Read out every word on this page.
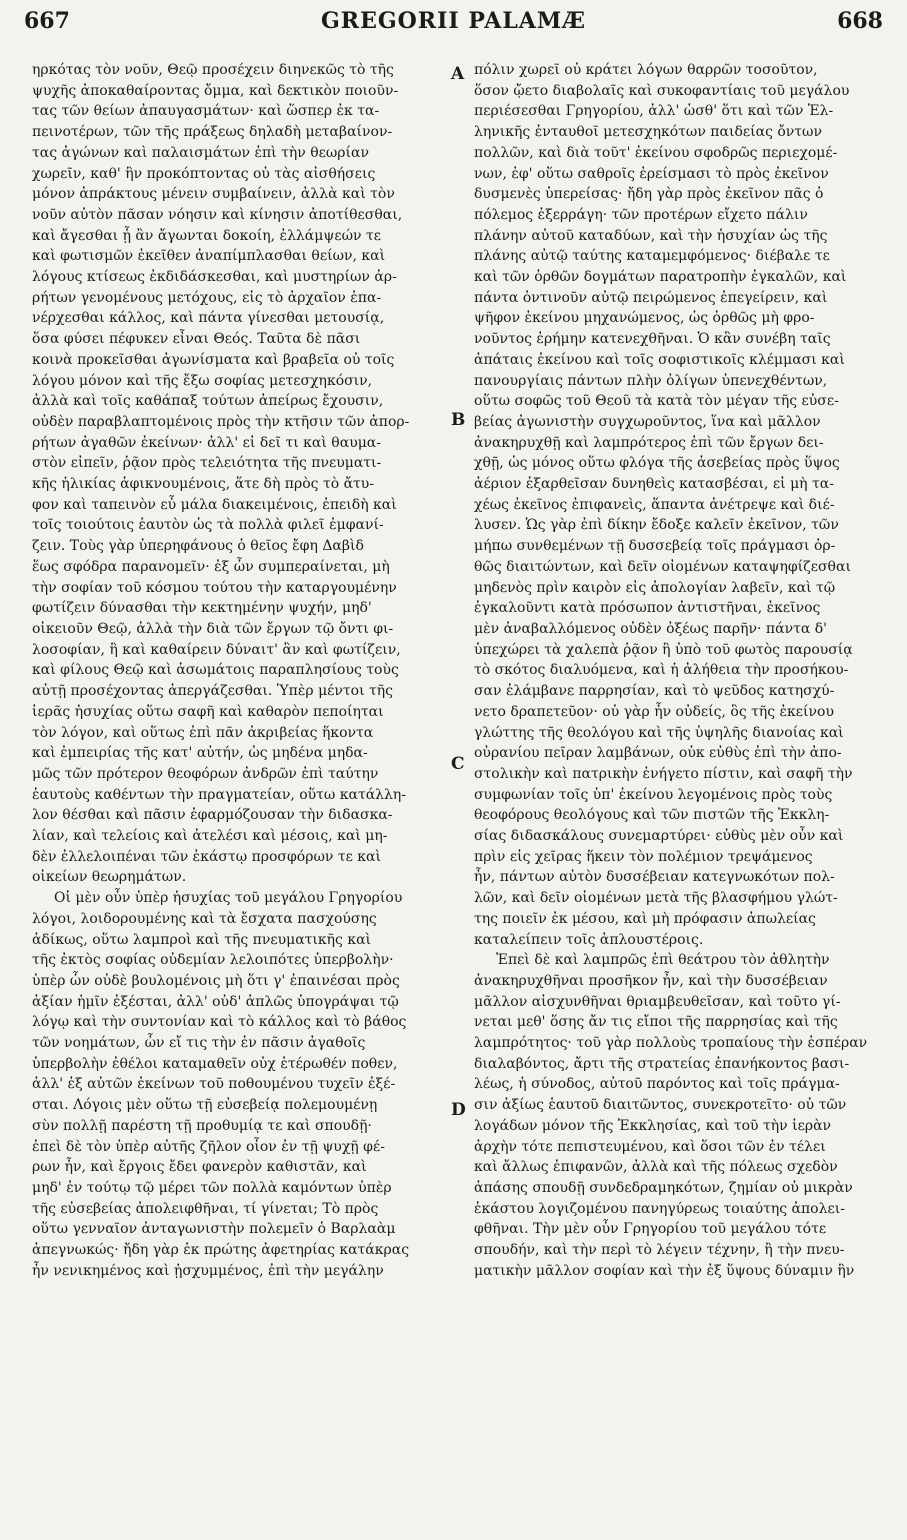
667	GREGORII PALAMÆ	668
A
B
C
D
ηρκότας τὸν νοῦν, Θεῷ προσέχειν διηνεκῶς τὸ τῆς
ψυχῆς ἀποκαθαίροντας ὄμμα, καὶ δεκτικὸν ποιοῦν-
τας τῶν θείων ἀπαυγασμάτων· καὶ ὥσπερ ἐκ τα-
πεινοτέρων, τῶν τῆς πράξεως δηλαδὴ μεταβαίνον-
τας ἀγώνων καὶ παλαισμάτων ἐπὶ τὴν θεωρίαν
χωρεῖν, καθ' ἣν προκόπτοντας οὐ τὰς αἰσθήσεις
μόνον ἀπράκτους μένειν συμβαίνειν, ἀλλὰ καὶ τὸν
νοῦν αὐτὸν πᾶσαν νόησιν καὶ κίνησιν ἀποτίθεσθαι,
καὶ ἄγεσθαι ᾗ ἂν ἄγωνται δοκοίη, ἐλλάμψεών τε
καὶ φωτισμῶν ἐκεῖθεν ἀναπίμπλασθαι θείων, καὶ
λόγους κτίσεως ἐκδιδάσκεσθαι, καὶ μυστηρίων ἀρ-
ρήτων γενομένους μετόχους, εἰς τὸ ἀρχαῖον ἐπα-
νέρχεσθαι κάλλος, καὶ πάντα γίνεσθαι μετουσίᾳ,
ὅσα φύσει πέφυκεν εἶναι Θεός. Ταῦτα δὲ πᾶσι
κοινὰ προκεῖσθαι ἀγωνίσματα καὶ βραβεῖα οὐ τοῖς
λόγου μόνον καὶ τῆς ἔξω σοφίας μετεσχηκόσιν,
ἀλλὰ καὶ τοῖς καθάπαξ τούτων ἀπείρως ἔχουσιν,
οὐδὲν παραβλαπτομένοις πρὸς τὴν κτῆσιν τῶν ἀπορ-
ρήτων ἀγαθῶν ἐκείνων· ἀλλ' εἰ δεῖ τι καὶ θαυμα-
στὸν εἰπεῖν, ῥᾷον πρὸς τελειότητα τῆς πνευματι-
κῆς ἡλικίας ἀφικνουμένοις, ἅτε δὴ πρὸς τὸ ἄτυ-
φον καὶ ταπεινὸν εὖ μάλα διακειμένοις, ἐπειδὴ καὶ
τοῖς τοιούτοις ἑαυτὸν ὡς τὰ πολλὰ φιλεῖ ἐμφανί-
ζειν. Τοὺς γὰρ ὑπερηφάνους ὁ θεῖος ἔφη Δαβὶδ
ἕως σφόδρα παρανομεῖν· ἐξ ὧν συμπεραίνεται, μὴ
τὴν σοφίαν τοῦ κόσμου τούτου τὴν καταργουμένην
φωτίζειν δύνασθαι τὴν κεκτημένην ψυχήν, μηδ'
οἰκειοῦν Θεῷ, ἀλλὰ τὴν διὰ τῶν ἔργων τῷ ὄντι φι-
λοσοφίαν, ἣ καὶ καθαίρειν δύναιτ' ἂν καὶ φωτίζειν,
καὶ φίλους Θεῷ καὶ ἀσωμάτοις παραπλησίους τοὺς
αὐτῇ προσέχοντας ἀπεργάζεσθαι. Ὑπὲρ μέντοι τῆς
ἱερᾶς ἡσυχίας οὕτω σαφῆ καὶ καθαρὸν πεποίηται
τὸν λόγον, καὶ οὕτως ἐπὶ πᾶν ἀκριβείας ἥκοντα
καὶ ἐμπειρίας τῆς κατ' αὐτήν, ὡς μηδένα μηδα-
μῶς τῶν πρότερον θεοφόρων ἀνδρῶν ἐπὶ ταύτην
ἑαυτοὺς καθέντων τὴν πραγματείαν, οὕτω κατάλλη-
λον θέσθαι καὶ πᾶσιν ἐφαρμόζουσαν τὴν διδασκα-
λίαν, καὶ τελείοις καὶ ἀτελέσι καὶ μέσοις, καὶ μη-
δὲν ἐλλελοιπέναι τῶν ἑκάστῳ προσφόρων τε καὶ
οἰκείων θεωρημάτων.
Οἱ μὲν οὖν ὑπὲρ ἡσυχίας τοῦ μεγάλου Γρηγορίου
λόγοι, λοιδορουμένης καὶ τὰ ἔσχατα πασχούσης
ἀδίκως, οὕτω λαμπροὶ καὶ τῆς πνευματικῆς καὶ
τῆς ἐκτὸς σοφίας οὐδεμίαν λελοιπότες ὑπερβολὴν·
ὑπὲρ ὧν οὐδὲ βουλομένοις μὴ ὅτι γ' ἐπαινέσαι πρὸς
ἀξίαν ἡμῖν ἐξέσται, ἀλλ' οὐδ' ἁπλῶς ὑπογράψαι τῷ
λόγῳ καὶ τὴν συντονίαν καὶ τὸ κάλλος καὶ τὸ βάθος
τῶν νοημάτων, ὧν εἴ τις τὴν ἐν πᾶσιν ἀγαθοῖς
ὑπερβολὴν ἐθέλοι καταμαθεῖν οὐχ ἑτέρωθέν ποθεν,
ἀλλ' ἐξ αὐτῶν ἐκείνων τοῦ ποθουμένου τυχεῖν ἐξέ-
σται. Λόγοις μὲν οὕτω τῇ εὐσεβείᾳ πολεμουμένῃ
σὺν πολλῇ παρέστη τῇ προθυμίᾳ τε καὶ σπουδῇ·
ἐπεὶ δὲ τὸν ὑπὲρ αὐτῆς ζῆλον οἷον ἐν τῇ ψυχῇ φέ-
ρων ἦν, καὶ ἔργοις ἔδει φανερὸν καθιστᾶν, καὶ
μηδ' ἐν τούτῳ τῷ μέρει τῶν πολλὰ καμόντων ὑπὲρ
τῆς εὐσεβείας ἀπολειφθῆναι, τί γίνεται; Τὸ πρὸς
οὕτω γενναῖον ἀνταγωνιστὴν πολεμεῖν ὁ Βαρλαὰμ
ἀπεγνωκώς· ἤδη γὰρ ἐκ πρώτης ἀφετηρίας κατάκρας
ἦν νενικημένος καὶ ᾐσχυμμένος, ἐπὶ τὴν μεγάλην
πόλιν χωρεῖ οὐ κράτει λόγων θαρρῶν τοσοῦτον,
ὅσον ᾤετο διαβολαῖς καὶ συκοφαντίαις τοῦ μεγάλου
περιέσεσθαι Γρηγορίου, ἀλλ' ὡσθ' ὅτι καὶ τῶν Ἑλ-
ληνικῆς ἐνταυθοῖ μετεσχηκότων παιδείας ὄντων
πολλῶν, καὶ διὰ τοῦτ' ἐκείνου σφοδρῶς περιεχομέ-
νων, ἐφ' οὕτω σαθροῖς ἐρείσμασι τὸ πρὸς ἐκεῖνον
δυσμενὲς ὑπερείσας· ἤδη γὰρ πρὸς ἐκεῖνον πᾶς ὁ
πόλεμος ἐξερράγη· τῶν προτέρων εἴχετο πάλιν
πλάνην αὐτοῦ καταδύων, καὶ τὴν ἡσυχίαν ὡς τῆς
πλάνης αὐτῷ ταύτης καταμεμφόμενος· διέβαλε τε
καὶ τῶν ὀρθῶν δογμάτων παρατροπὴν ἐγκαλῶν, καὶ
πάντα ὀντινοῦν αὐτῷ πειρώμενος ἐπεγείρειν, καὶ
ψῆφον ἐκείνου μηχανώμενος, ὡς ὀρθῶς μὴ φρο-
νοῦντος ἐρήμην κατενεχθῆναι. Ὁ κἂν συνέβη ταῖς
ἀπάταις ἐκείνου καὶ τοῖς σοφιστικοῖς κλέμμασι καὶ
πανουργίαις πάντων πλὴν ὀλίγων ὑπενεχθέντων,
οὕτω σοφῶς τοῦ Θεοῦ τὰ κατὰ τὸν μέγαν τῆς εὐσε-
βείας ἀγωνιστὴν συγχωροῦντος, ἵνα καὶ μᾶλλον
ἀνακηρυχθῇ καὶ λαμπρότερος ἐπὶ τῶν ἔργων δει-
χθῇ, ὡς μόνος οὕτω φλόγα τῆς ἀσεβείας πρὸς ὕψος
ἀέριον ἐξαρθεῖσαν δυνηθεὶς κατασβέσαι, εἰ μὴ τα-
χέως ἐκεῖνος ἐπιφανεὶς, ἅπαντα ἀνέτρεψε καὶ διέ-
λυσεν. Ὡς γὰρ ἐπὶ δίκην ἔδοξε καλεῖν ἐκεῖνον, τῶν
μήπω συνθεμένων τῇ δυσσεβείᾳ τοῖς πράγμασι ὀρ-
θῶς διαιτώντων, καὶ δεῖν οἰομένων καταψηφίζεσθαι
μηδενὸς πρὶν καιρὸν εἰς ἀπολογίαν λαβεῖν, καὶ τῷ
ἐγκαλοῦντι κατὰ πρόσωπον ἀντιστῆναι, ἐκεῖνος
μὲν ἀναβαλλόμενος οὐδὲν ὀξέως παρῆν· πάντα δ'
ὑπεχώρει τὰ χαλεπὰ ῥᾷον ἢ ὑπὸ τοῦ φωτὸς παρουσίᾳ
τὸ σκότος διαλυόμενα, καὶ ἡ ἀλήθεια τὴν προσήκου-
σαν ἐλάμβανε παρρησίαν, καὶ τὸ ψεῦδος κατησχύ-
νετο δραπετεῦον· οὐ γὰρ ἦν οὐδείς, ὃς τῆς ἐκείνου
γλώττης τῆς θεολόγου καὶ τῆς ὑψηλῆς διανοίας καὶ
οὐρανίου πεῖραν λαμβάνων, οὐκ εὐθὺς ἐπὶ τὴν ἀπο-
στολικὴν καὶ πατρικὴν ἐνήγετο πίστιν, καὶ σαφῆ τὴν
συμφωνίαν τοῖς ὑπ' ἐκείνου λεγομένοις πρὸς τοὺς
θεοφόρους θεολόγους καὶ τῶν πιστῶν τῆς Ἐκκλη-
σίας διδασκάλους συνεμαρτύρει· εὐθὺς μὲν οὖν καὶ
πρὶν εἰς χεῖρας ἥκειν τὸν πολέμιον τρεψάμενος
ἦν, πάντων αὐτὸν δυσσέβειαν κατεγνωκότων πολ-
λῶν, καὶ δεῖν οἰομένων μετὰ τῆς βλασφήμου γλώτ-
της ποιεῖν ἐκ μέσου, καὶ μὴ πρόφασιν ἀπωλείας
καταλείπειν τοῖς ἁπλουστέροις.
Ἐπεὶ δὲ καὶ λαμπρῶς ἐπὶ θεάτρου τὸν ἀθλητὴν
ἀνακηρυχθῆναι προσῆκον ἦν, καὶ τὴν δυσσέβειαν
μᾶλλον αἰσχυνθῆναι θριαμβευθεῖσαν, καὶ τοῦτο γί-
νεται μεθ' ὅσης ἄν τις εἴποι τῆς παρρησίας καὶ τῆς
λαμπρότητος· τοῦ γὰρ πολλοὺς τροπαίους τὴν ἑσπέραν
διαλαβόντος, ἄρτι τῆς στρατείας ἐπανήκοντος βασι-
λέως, ἡ σύνοδος, αὐτοῦ παρόντος καὶ τοῖς πράγμα-
σιν ἀξίως ἑαυτοῦ διαιτῶντος, συνεκροτεῖτο· οὐ τῶν
λογάδων μόνον τῆς Ἐκκλησίας, καὶ τοῦ τὴν ἱερὰν
ἀρχὴν τότε πεπιστευμένου, καὶ ὅσοι τῶν ἐν τέλει
καὶ ἄλλως ἐπιφανῶν, ἀλλὰ καὶ τῆς πόλεως σχεδὸν
ἁπάσης σπουδῇ συνδεδραμηκότων, ζημίαν οὐ μικρὰν
ἑκάστου λογιζομένου πανηγύρεως τοιαύτης ἀπολει-
φθῆναι. Τὴν μὲν οὖν Γρηγορίου τοῦ μεγάλου τότε
σπουδήν, καὶ τὴν περὶ τὸ λέγειν τέχνην, ἢ τὴν πνευ-
ματικὴν μᾶλλον σοφίαν καὶ τὴν ἐξ ὕψους δύναμιν ἣν
